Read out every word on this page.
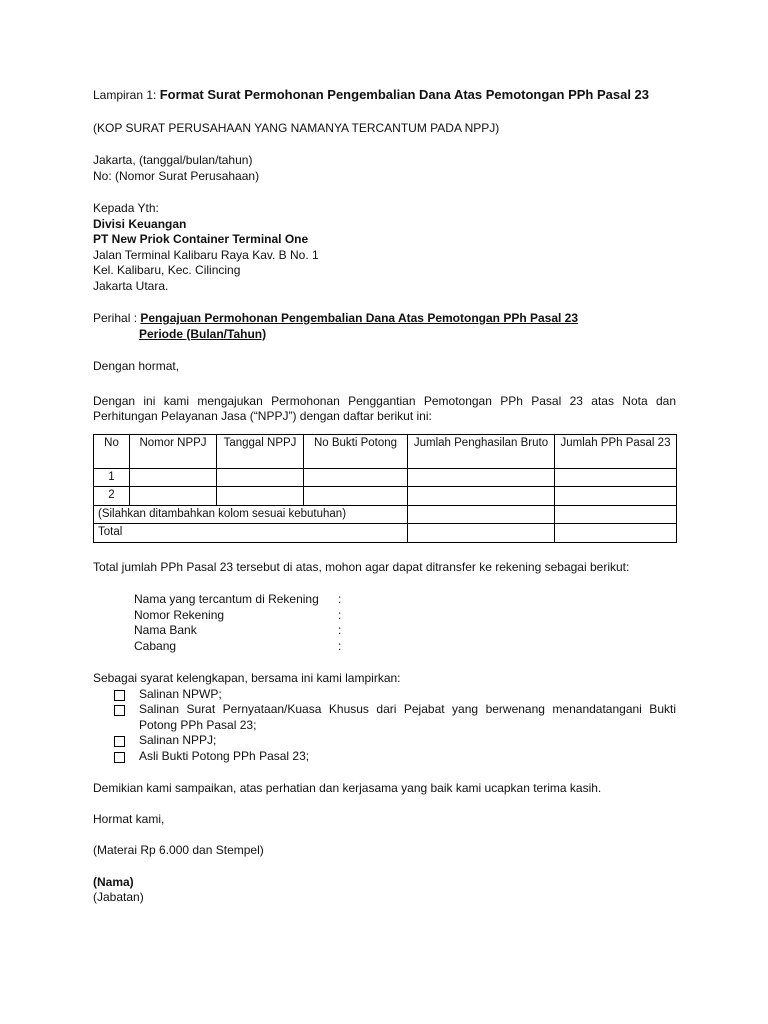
Lampiran 1: Format Surat Permohonan Pengembalian Dana Atas Pemotongan PPh Pasal 23

(KOP SURAT PERUSAHAAN YANG NAMANYA TERCANTUM PADA NPPJ)

Jakarta, (tanggal/bulan/tahun)

No: (Nomor Surat Perusahaan)

Kepada Yth:

Divisi Keuangan

PT New Priok Container Terminal One

Jalan Terminal Kalibaru Raya Kav. B No. 1

Kel. Kalibaru, Kec. Cilincing

Jakarta Utara.

Perihal : Pengajuan Permohonan Pengembalian Dana Atas Pemotongan PPh Pasal 23

Periode (Bulan/Tahun)

Dengan hormat,

Dengan ini kami mengajukan Permohonan Penggantian Pemotongan PPh Pasal 23 atas Nota dan

Perhitungan Pelayanan Jasa (“NPPJ”) dengan daftar berikut ini:

No	Nomor NPPJ	Tanggal NPPJ	No Bukti Potong	Jumlah Penghasilan Bruto	Jumlah PPh Pasal 23
1					
2					
(Silahkan ditambahkan kolom sesuai kebutuhan)					
Total					

Total jumlah PPh Pasal 23 tersebut di atas, mohon agar dapat ditransfer ke rekening sebagai berikut:

Nama yang tercantum di Rekening	:
Nomor Rekening	:
Nama Bank	:
Cabang	:

Sebagai syarat kelengkapan, bersama ini kami lampirkan:

Salinan NPWP;
Salinan Surat Pernyataan/Kuasa Khusus dari Pejabat yang berwenang menandatangani Bukti
Potong PPh Pasal 23;
Salinan NPPJ;
Asli Bukti Potong PPh Pasal 23;

Demikian kami sampaikan, atas perhatian dan kerjasama yang baik kami ucapkan terima kasih.

Hormat kami,

(Materai Rp 6.000 dan Stempel)

(Nama)

(Jabatan)
